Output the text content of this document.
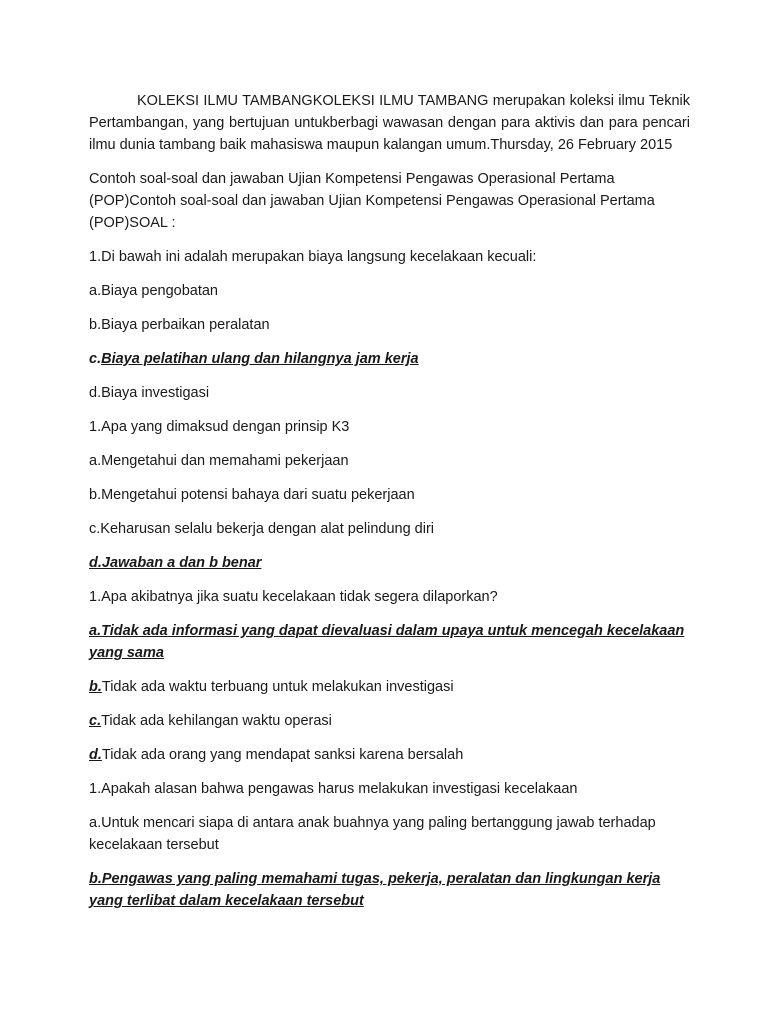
KOLEKSI ILMU TAMBANGKOLEKSI ILMU TAMBANG merupakan koleksi ilmu Teknik Pertambangan, yang bertujuan untukberbagi wawasan dengan para aktivis dan para pencari ilmu dunia tambang baik mahasiswa maupun kalangan umum.Thursday, 26 February 2015

Contoh soal-soal dan jawaban Ujian Kompetensi Pengawas Operasional Pertama (POP)Contoh soal-soal dan jawaban Ujian Kompetensi Pengawas Operasional Pertama (POP)SOAL :

1.Di bawah ini adalah merupakan biaya langsung kecelakaan kecuali:

a.Biaya pengobatan

b.Biaya perbaikan peralatan

c.Biaya pelatihan ulang dan hilangnya jam kerja

d.Biaya investigasi

1.Apa yang dimaksud dengan prinsip K3

a.Mengetahui dan memahami pekerjaan

b.Mengetahui potensi bahaya dari suatu pekerjaan

c.Keharusan selalu bekerja dengan alat pelindung diri

d.Jawaban a dan b benar

1.Apa akibatnya jika suatu kecelakaan tidak segera dilaporkan?

a.Tidak ada informasi yang dapat dievaluasi dalam upaya untuk mencegah kecelakaan yang sama

b.Tidak ada waktu terbuang untuk melakukan investigasi

c.Tidak ada kehilangan waktu operasi

d.Tidak ada orang yang mendapat sanksi karena bersalah

1.Apakah alasan bahwa pengawas harus melakukan investigasi kecelakaan

a.Untuk mencari siapa di antara anak buahnya yang paling bertanggung jawab terhadap kecelakaan tersebut

b.Pengawas yang paling memahami tugas, pekerja, peralatan dan lingkungan kerja yang terlibat dalam kecelakaan tersebut
